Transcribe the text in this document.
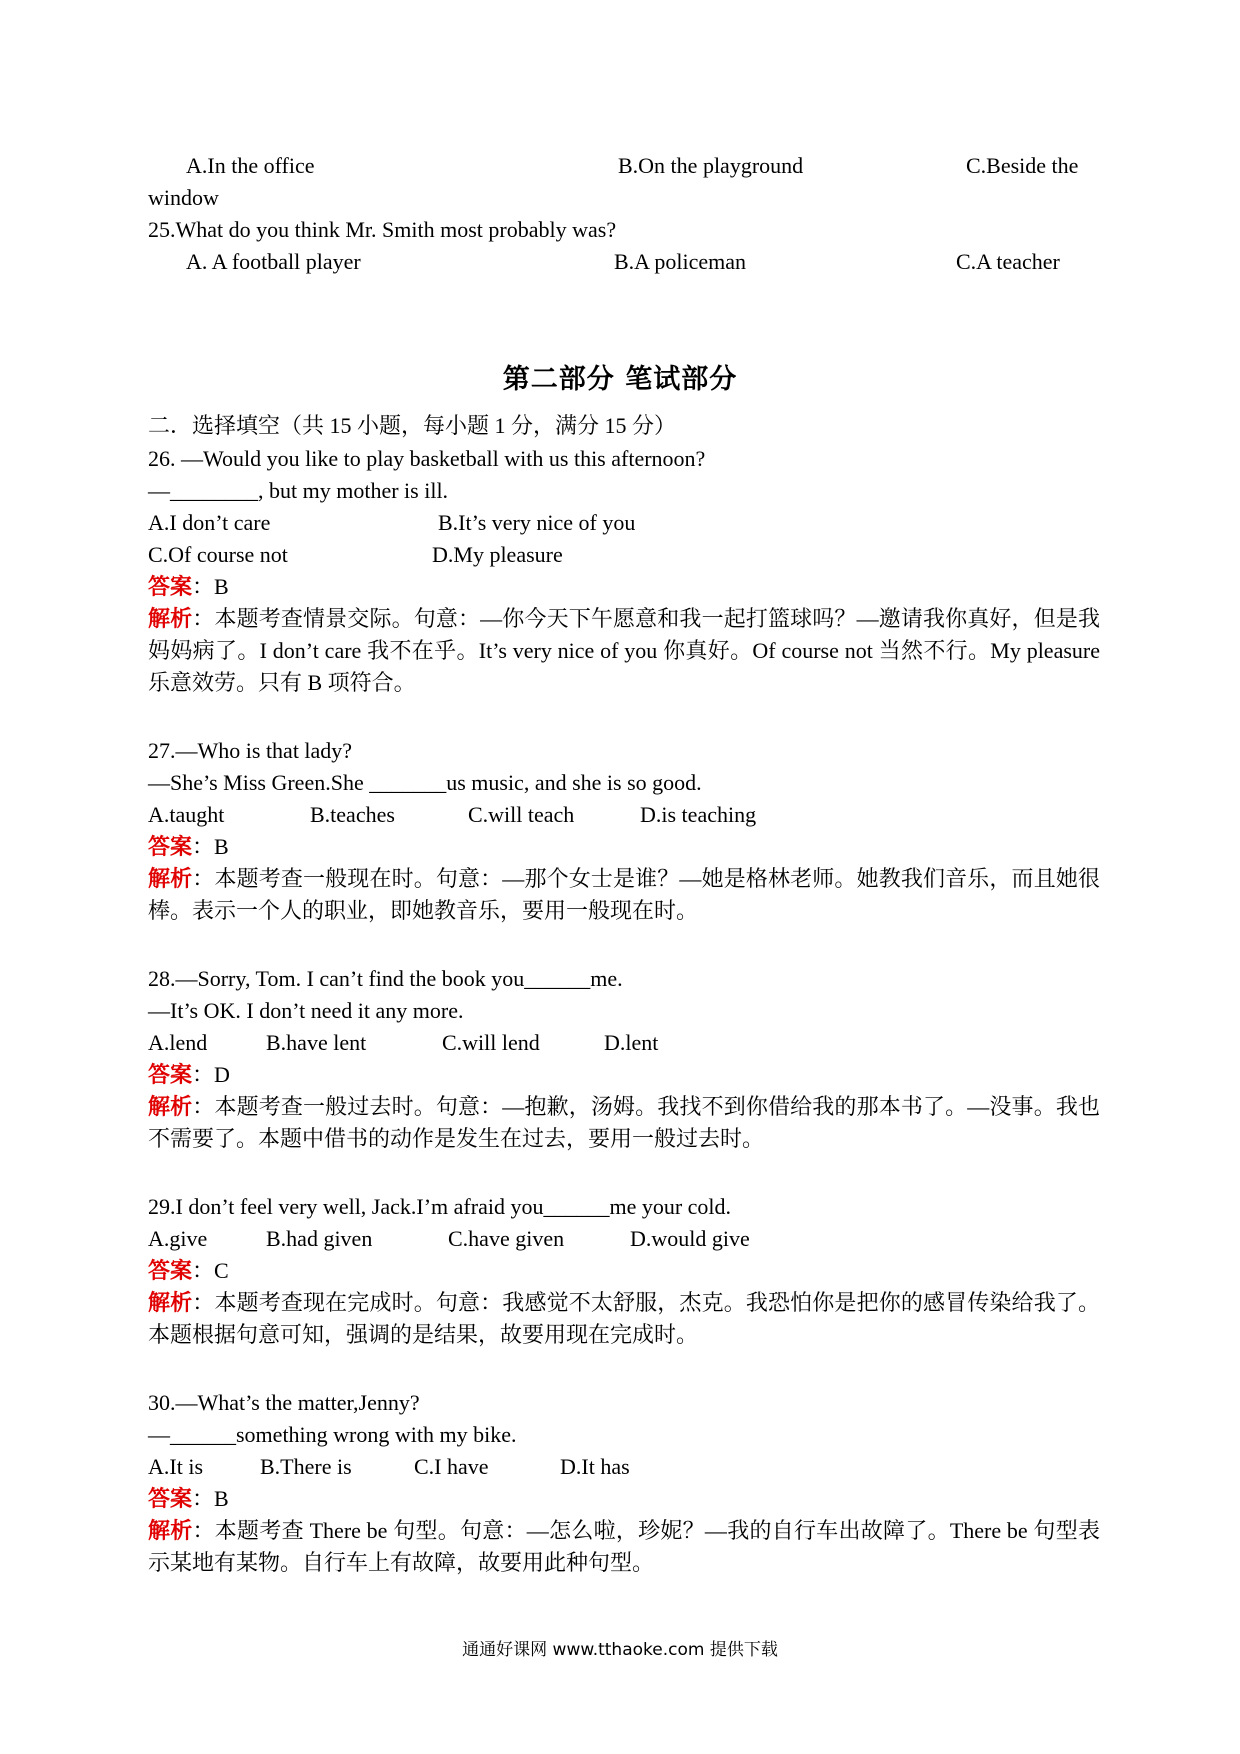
A.In the office	B.On the playground	C.Beside the
window
25.What do you think Mr. Smith most probably was?
A. A football player	B.A policeman	C.A teacher
第二部分 笔试部分
二．选择填空（共 15 小题，每小题 1 分，满分 15 分）
26. —Would you like to play basketball with us this afternoon?
—________, but my mother is ill.
A.I don’t care	B.It’s very nice of you
C.Of course not	D.My pleasure
答案：B
解析：本题考查情景交际。句意：—你今天下午愿意和我一起打篮球吗？—邀请我你真好，但是我妈妈病了。I don’t care 我不在乎。It’s very nice of you 你真好。Of course not 当然不行。My pleasure 乐意效劳。只有 B 项符合。
27.—Who is that lady?
—She’s Miss Green.She _______us music, and she is so good.
A.taught	B.teaches	C.will teach	D.is teaching
答案：B
解析：本题考查一般现在时。句意：—那个女士是谁？—她是格林老师。她教我们音乐，而且她很棒。表示一个人的职业，即她教音乐，要用一般现在时。
28.—Sorry, Tom. I can’t find the book you______me.
—It’s OK. I don’t need it any more.
A.lend	B.have lent	C.will lend	D.lent
答案：D
解析：本题考查一般过去时。句意：—抱歉，汤姆。我找不到你借给我的那本书了。—没事。我也不需要了。本题中借书的动作是发生在过去，要用一般过去时。
29.I don’t feel very well, Jack.I’m afraid you______me your cold.
A.give	B.had given	C.have given	D.would give
答案：C
解析：本题考查现在完成时。句意：我感觉不太舒服，杰克。我恐怕你是把你的感冒传染给我了。本题根据句意可知，强调的是结果，故要用现在完成时。
30.—What’s the matter,Jenny?
—______something wrong with my bike.
A.It is	B.There is	C.I have	D.It has
答案：B
解析：本题考查 There be 句型。句意：—怎么啦，珍妮？—我的自行车出故障了。There be 句型表示某地有某物。自行车上有故障，故要用此种句型。
通通好课网 www.tthaoke.com 提供下载
